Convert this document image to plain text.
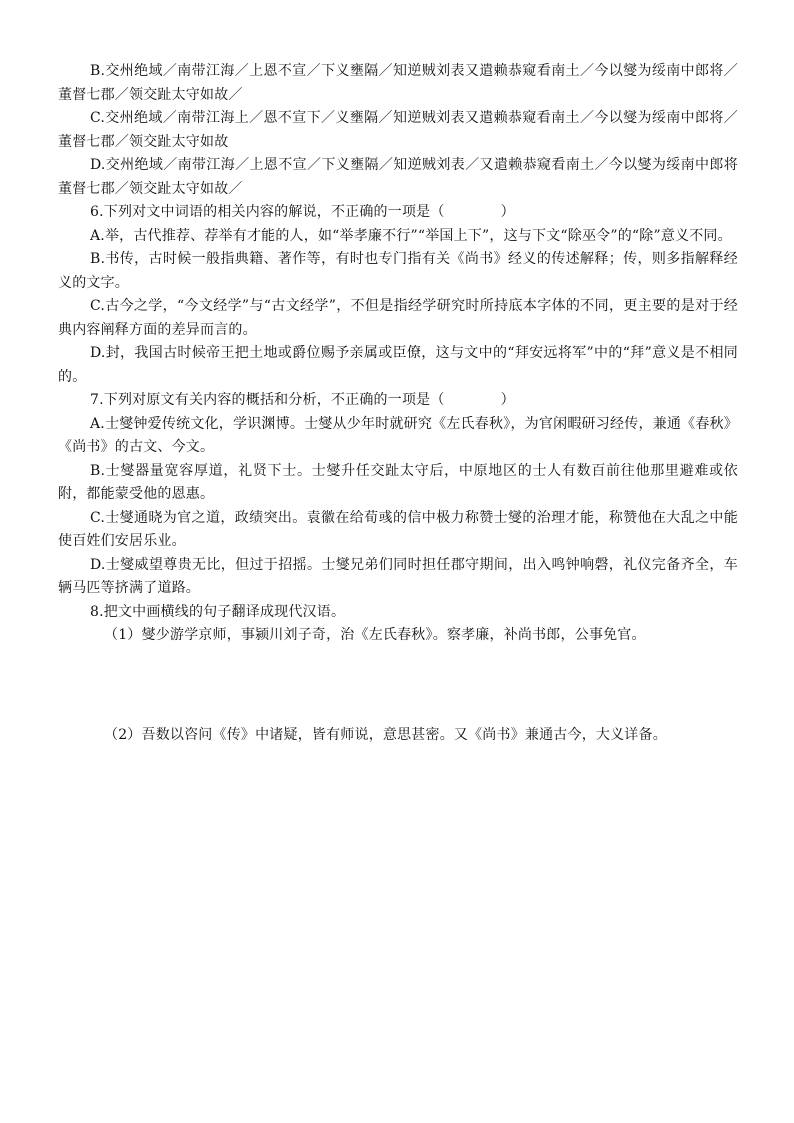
B.交州绝域／南带江海／上恩不宣／下义壅隔／知逆贼刘表又遣赖恭窥看南土／今以燮为绥南中郎将／董督七郡／领交趾太守如故／

C.交州绝域／南带江海上／恩不宣下／义壅隔／知逆贼刘表又遣赖恭窥看南土／今以燮为绥南中郎将／董督七郡／领交趾太守如故

D.交州绝域／南带江海／上恩不宣／下义壅隔／知逆贼刘表／又遣赖恭窥看南土／今以燮为绥南中郎将董督七郡／领交趾太守如故／

6.下列对文中词语的相关内容的解说，不正确的一项是（	）

A.举，古代推荐、荐举有才能的人，如“举孝廉不行”“举国上下”，这与下文“除巫令”的“除”意义不同。

B.书传，古时候一般指典籍、著作等，有时也专门指有关《尚书》经义的传述解释；传，则多指解释经义的文字。

C.古今之学，“今文经学”与“古文经学”，不但是指经学研究时所持底本字体的不同，更主要的是对于经典内容阐释方面的差异而言的。

D.封，我国古时候帝王把土地或爵位赐予亲属或臣僚，这与文中的“拜安远将军”中的“拜”意义是不相同的。

7.下列对原文有关内容的概括和分析，不正确的一项是（	）

A.士燮钟爱传统文化，学识渊博。士燮从少年时就研究《左氏春秋》，为官闲暇研习经传，兼通《春秋》《尚书》的古文、今文。

B.士燮器量宽容厚道，礼贤下士。士燮升任交趾太守后，中原地区的士人有数百前往他那里避难或依附，都能蒙受他的恩惠。

C.士燮通晓为官之道，政绩突出。袁徽在给荀彧的信中极力称赞士燮的治理才能，称赞他在大乱之中能使百姓们安居乐业。

D.士燮威望尊贵无比，但过于招摇。士燮兄弟们同时担任郡守期间，出入鸣钟响磬，礼仪完备齐全，车辆马匹等挤满了道路。

8.把文中画横线的句子翻译成现代汉语。

（1）燮少游学京师，事颍川刘子奇，治《左氏春秋》。察孝廉，补尚书郎，公事免官。

（2）吾数以咨问《传》中诸疑，皆有师说，意思甚密。又《尚书》兼通古今，大义详备。
